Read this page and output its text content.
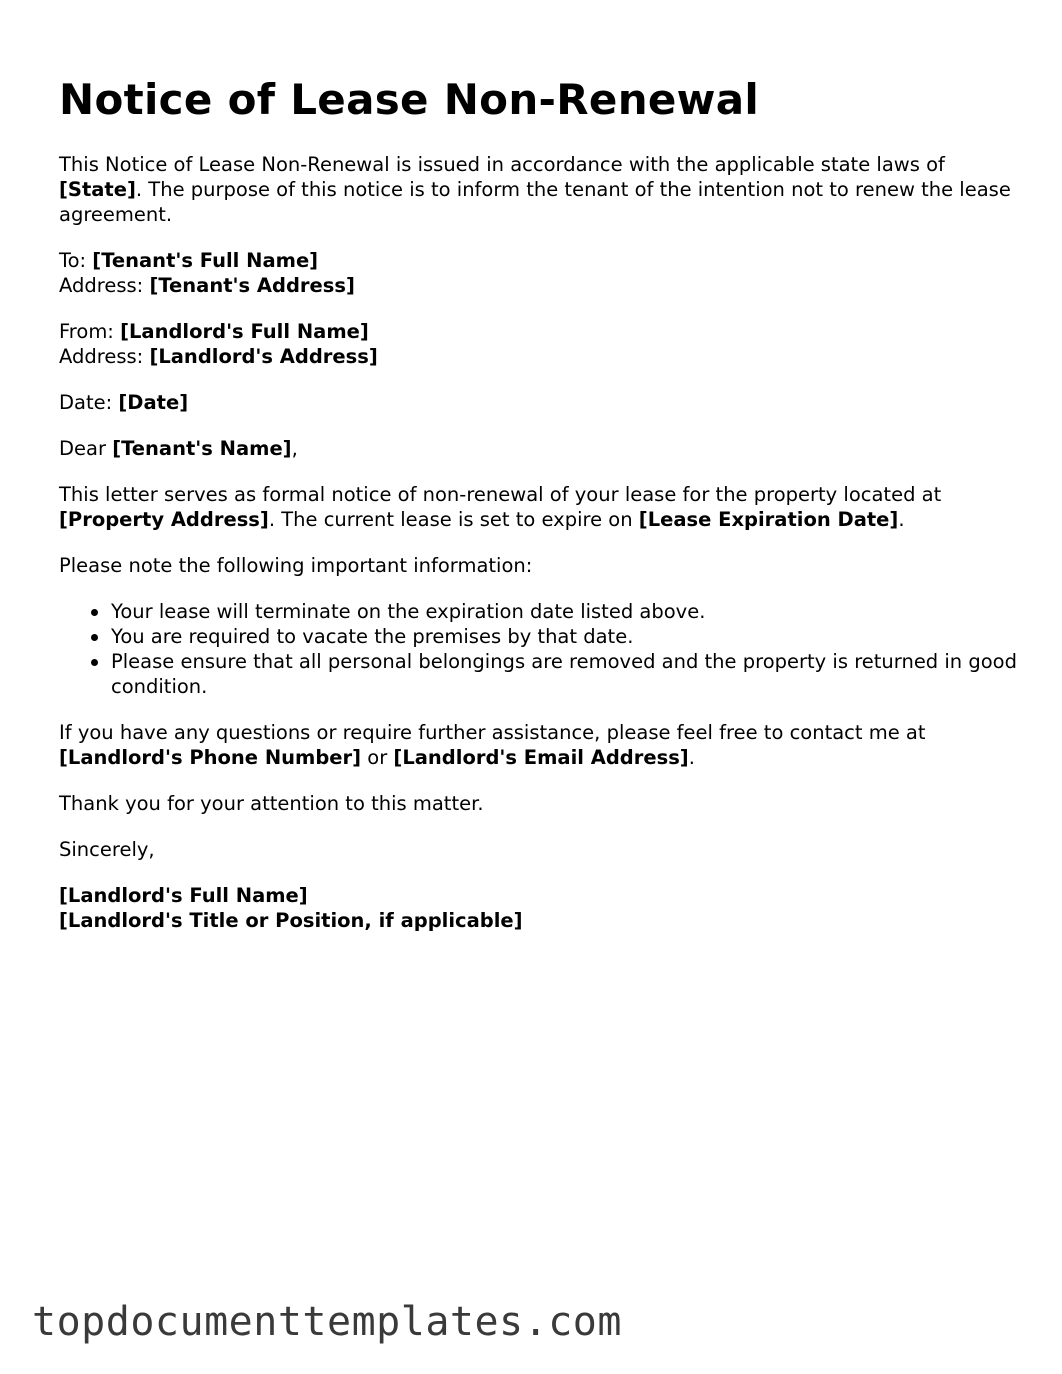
Notice of Lease Non-Renewal

This Notice of Lease Non-Renewal is issued in accordance with the applicable state laws of [State]. The purpose of this notice is to inform the tenant of the intention not to renew the lease agreement.

To: [Tenant's Full Name]
Address: [Tenant's Address]

From: [Landlord's Full Name]
Address: [Landlord's Address]

Date: [Date]

Dear [Tenant's Name],

This letter serves as formal notice of non-renewal of your lease for the property located at [Property Address]. The current lease is set to expire on [Lease Expiration Date].

Please note the following important information:

Your lease will terminate on the expiration date listed above.
You are required to vacate the premises by that date.
Please ensure that all personal belongings are removed and the property is returned in good condition.

If you have any questions or require further assistance, please feel free to contact me at [Landlord's Phone Number] or [Landlord's Email Address].

Thank you for your attention to this matter.

Sincerely,

[Landlord's Full Name]
[Landlord's Title or Position, if applicable]

topdocumenttemplates.com
